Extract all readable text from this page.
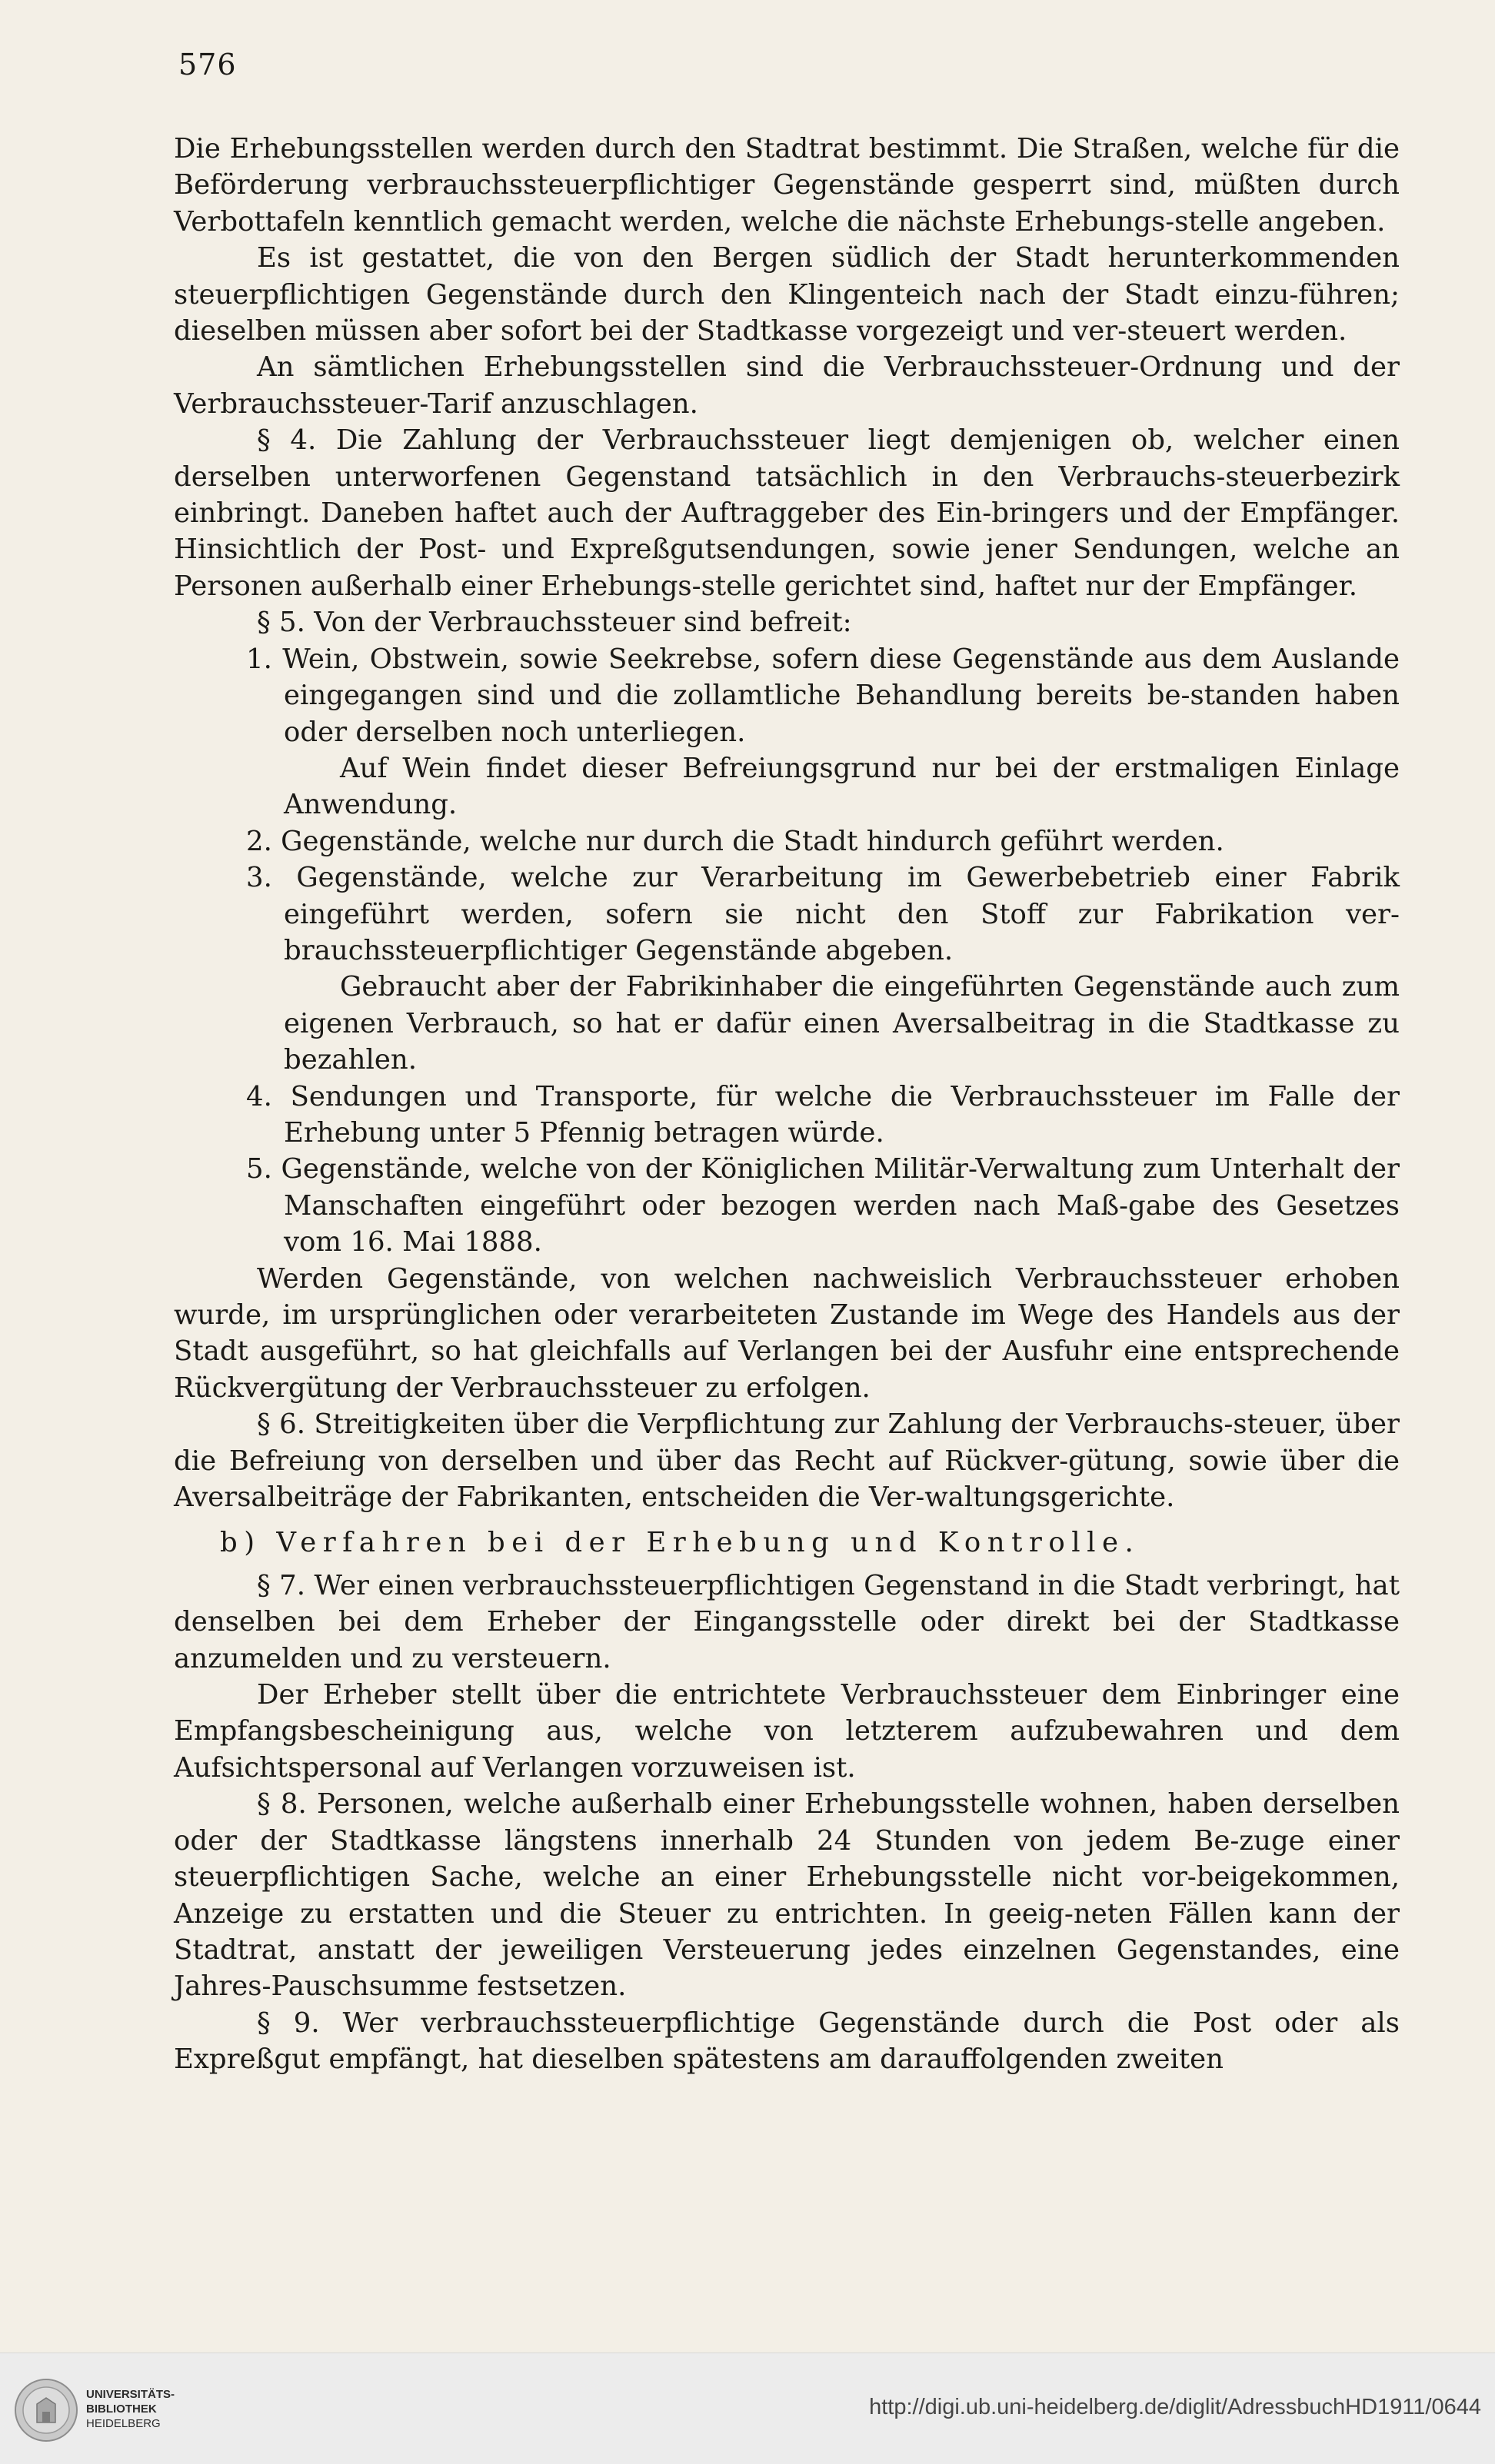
576

Die Erhebungsstellen werden durch den Stadtrat bestimmt. Die Straßen, welche für die Beförderung verbrauchssteuerpflichtiger Gegenstände gesperrt sind, müßten durch Verbottafeln kenntlich gemacht werden, welche die nächste Erhebungs-stelle angeben.

Es ist gestattet, die von den Bergen südlich der Stadt herunterkommenden steuerpflichtigen Gegenstände durch den Klingenteich nach der Stadt einzu-führen; dieselben müssen aber sofort bei der Stadtkasse vorgezeigt und ver-steuert werden.

An sämtlichen Erhebungsstellen sind die Verbrauchssteuer-Ordnung und der Verbrauchssteuer-Tarif anzuschlagen.

§ 4. Die Zahlung der Verbrauchssteuer liegt demjenigen ob, welcher einen derselben unterworfenen Gegenstand tatsächlich in den Verbrauchs-steuerbezirk einbringt. Daneben haftet auch der Auftraggeber des Ein-bringers und der Empfänger. Hinsichtlich der Post- und Expreßgutsendungen, sowie jener Sendungen, welche an Personen außerhalb einer Erhebungs-stelle gerichtet sind, haftet nur der Empfänger.

§ 5. Von der Verbrauchssteuer sind befreit:

1. Wein, Obstwein, sowie Seekrebse, sofern diese Gegenstände aus dem Auslande eingegangen sind und die zollamtliche Behandlung bereits be-standen haben oder derselben noch unterliegen.

Auf Wein findet dieser Befreiungsgrund nur bei der erstmaligen Einlage Anwendung.

2. Gegenstände, welche nur durch die Stadt hindurch geführt werden.

3. Gegenstände, welche zur Verarbeitung im Gewerbebetrieb einer Fabrik eingeführt werden, sofern sie nicht den Stoff zur Fabrikation ver-brauchssteuerpflichtiger Gegenstände abgeben.

Gebraucht aber der Fabrikinhaber die eingeführten Gegenstände auch zum eigenen Verbrauch, so hat er dafür einen Aversalbeitrag in die Stadtkasse zu bezahlen.

4. Sendungen und Transporte, für welche die Verbrauchssteuer im Falle der Erhebung unter 5 Pfennig betragen würde.

5. Gegenstände, welche von der Königlichen Militär-Verwaltung zum Unterhalt der Manschaften eingeführt oder bezogen werden nach Maß-gabe des Gesetzes vom 16. Mai 1888.

Werden Gegenstände, von welchen nachweislich Verbrauchssteuer erhoben wurde, im ursprünglichen oder verarbeiteten Zustande im Wege des Handels aus der Stadt ausgeführt, so hat gleichfalls auf Verlangen bei der Ausfuhr eine entsprechende Rückvergütung der Verbrauchssteuer zu erfolgen.

§ 6. Streitigkeiten über die Verpflichtung zur Zahlung der Verbrauchs-steuer, über die Befreiung von derselben und über das Recht auf Rückver-gütung, sowie über die Aversalbeiträge der Fabrikanten, entscheiden die Ver-waltungsgerichte.

b) Verfahren bei der Erhebung und Kontrolle.

§ 7. Wer einen verbrauchssteuerpflichtigen Gegenstand in die Stadt verbringt, hat denselben bei dem Erheber der Eingangsstelle oder direkt bei der Stadtkasse anzumelden und zu versteuern.

Der Erheber stellt über die entrichtete Verbrauchssteuer dem Einbringer eine Empfangsbescheinigung aus, welche von letzterem aufzubewahren und dem Aufsichtspersonal auf Verlangen vorzuweisen ist.

§ 8. Personen, welche außerhalb einer Erhebungsstelle wohnen, haben derselben oder der Stadtkasse längstens innerhalb 24 Stunden von jedem Be-zuge einer steuerpflichtigen Sache, welche an einer Erhebungsstelle nicht vor-beigekommen, Anzeige zu erstatten und die Steuer zu entrichten. In geeig-neten Fällen kann der Stadtrat, anstatt der jeweiligen Versteuerung jedes einzelnen Gegenstandes, eine Jahres-Pauschsumme festsetzen.

§ 9. Wer verbrauchssteuerpflichtige Gegenstände durch die Post oder als Expreßgut empfängt, hat dieselben spätestens am darauffolgenden zweiten

UNIVERSITÄTS-
BIBLIOTHEK
HEIDELBERG
http://digi.ub.uni-heidelberg.de/diglit/AdressbuchHD1911/0644
